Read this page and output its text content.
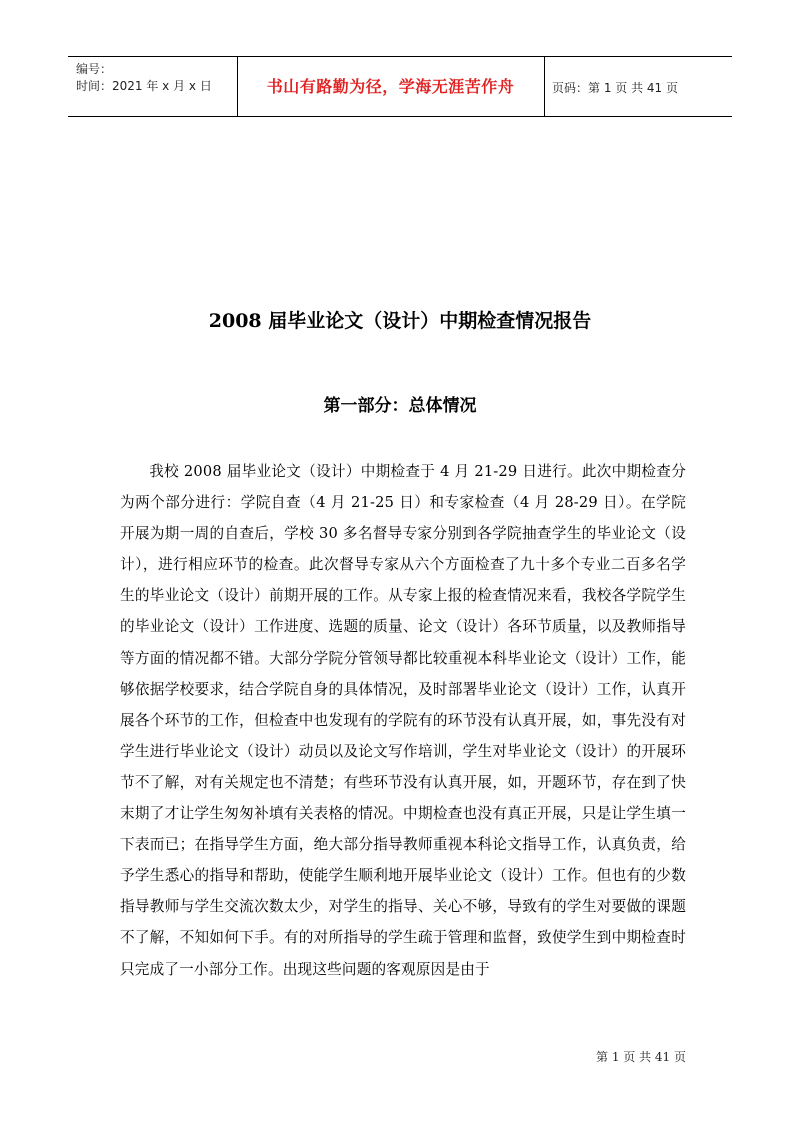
编号：
时间：2021 年 x 月 x 日	书山有路勤为径，学海无涯苦作舟	页码：第 1 页 共 41 页
2008 届毕业论文（设计）中期检查情况报告
第一部分：总体情况

我校 2008 届毕业论文（设计）中期检查于 4 月 21-29 日进行。此次中期检查分为两个部分进行：学院自查（4 月 21-25 日）和专家检查（4 月 28-29 日）。在学院开展为期一周的自查后，学校 30 多名督导专家分别到各学院抽查学生的毕业论文（设计），进行相应环节的检查。此次督导专家从六个方面检查了九十多个专业二百多名学生的毕业论文（设计）前期开展的工作。从专家上报的检查情况来看，我校各学院学生的毕业论文（设计）工作进度、选题的质量、论文（设计）各环节质量，以及教师指导等方面的情况都不错。大部分学院分管领导都比较重视本科毕业论文（设计）工作，能够依据学校要求，结合学院自身的具体情况，及时部署毕业论文（设计）工作，认真开展各个环节的工作，但检查中也发现有的学院有的环节没有认真开展，如，事先没有对学生进行毕业论文（设计）动员以及论文写作培训，学生对毕业论文（设计）的开展环节不了解，对有关规定也不清楚；有些环节没有认真开展，如，开题环节，存在到了快末期了才让学生匆匆补填有关表格的情况。中期检查也没有真正开展，只是让学生填一下表而已；在指导学生方面，绝大部分指导教师重视本科论文指导工作，认真负责，给予学生悉心的指导和帮助，使能学生顺利地开展毕业论文（设计）工作。但也有的少数指导教师与学生交流次数太少，对学生的指导、关心不够，导致有的学生对要做的课题不了解，不知如何下手。有的对所指导的学生疏于管理和监督，致使学生到中期检查时只完成了一小部分工作。出现这些问题的客观原因是由于

第 1 页 共 41 页
